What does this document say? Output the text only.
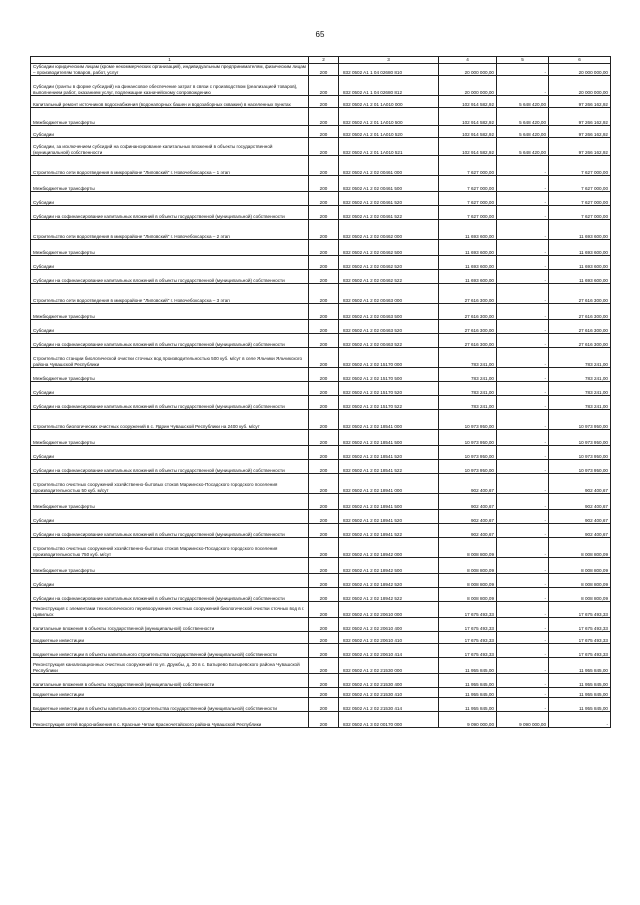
65
1	2	3	4	5	6
Субсидии юридическим лицам (кроме некоммерческих организаций), индивидуальным предпринимателям, физическим лицам – производителям товаров, работ, услуг	200	832 0502 A1 1 04 02680 810	20 000 000,00	-	20 000 000,00
Субсидии (гранты в форме субсидий) на финансовое обеспечение затрат в связи с производством (реализацией товаров), выполнением работ, оказанием услуг, подлежащие казначейскому сопровождению	200	832 0502 A1 1 04 02680 812	20 000 000,00	-	20 000 000,00
Капитальный ремонт источников водоснабжения (водонапорных башен и водозаборных скважин) в населенных пунктах	200	832 0502 A1 2 01 1A010 000	102 914 582,92	5 648 420,00	97 266 162,92
Межбюджетные трансферты	200	832 0502 A1 2 01 1A010 500	102 914 582,92	5 648 420,00	97 266 162,92
Субсидии	200	832 0502 A1 2 01 1A010 520	102 914 582,92	5 648 420,00	97 266 162,92
Субсидии, за исключением субсидий на софинансирование капитальных вложений в объекты государственной (муниципальной) собственности	200	832 0502 A1 2 01 1A010 521	102 914 582,92	5 648 420,00	97 266 162,92
Строительство сети водоотведения в микрорайоне "Липовский" г. Новочебоксарска – 1 этап	200	832 0502 A1 2 02 00461 000	7 627 000,00	-	7 627 000,00
Межбюджетные трансферты	200	832 0502 A1 2 02 00461 500	7 627 000,00	-	7 627 000,00
Субсидии	200	832 0502 A1 2 02 00461 520	7 627 000,00	-	7 627 000,00
Субсидии на софинансирование капитальных вложений в объекты государственной (муниципальной) собственности	200	832 0502 A1 2 02 00461 522	7 627 000,00	-	7 627 000,00
Строительство сети водоотведения в микрорайоне "Липовский" г. Новочебоксарска – 2 этап	200	832 0502 A1 2 02 00462 000	11 693 600,00	-	11 693 600,00
Межбюджетные трансферты	200	832 0502 A1 2 02 00462 500	11 693 600,00	-	11 693 600,00
Субсидии	200	832 0502 A1 2 02 00462 520	11 693 600,00	-	11 693 600,00
Субсидии на софинансирование капитальных вложений в объекты государственной (муниципальной) собственности	200	832 0502 A1 2 02 00462 522	11 693 600,00	-	11 693 600,00
Строительство сети водоотведения в микрорайоне "Липовский" г. Новочебоксарска – 3 этап	200	832 0502 A1 2 02 00463 000	27 616 300,00	-	27 616 300,00
Межбюджетные трансферты	200	832 0502 A1 2 02 00463 500	27 616 300,00	-	27 616 300,00
Субсидии	200	832 0502 A1 2 02 00463 520	27 616 300,00	-	27 616 300,00
Субсидии на софинансирование капитальных вложений в объекты государственной (муниципальной) собственности	200	832 0502 A1 2 02 00463 522	27 616 300,00	-	27 616 300,00
Строительство станции биологической очистки сточных вод производительностью 500 куб. м/сут в селе Яльчики Яльчикского района Чувашской Республики	200	832 0502 A1 2 02 15170 000	783 241,00	-	783 241,00
Межбюджетные трансферты	200	832 0502 A1 2 02 15170 500	783 241,00	-	783 241,00
Субсидии	200	832 0502 A1 2 02 15170 520	783 241,00	-	783 241,00
Субсидии на софинансирование капитальных вложений в объекты государственной (муниципальной) собственности	200	832 0502 A1 2 02 15170 522	783 241,00	-	783 241,00
Строительство биологических очистных сооружений в с. Ядрин Чувашской Республики на 2400 куб. м/сут	200	832 0502 A1 2 02 18541 000	10 973 950,00	-	10 973 950,00
Межбюджетные трансферты	200	832 0502 A1 2 02 18541 500	10 973 950,00	-	10 973 950,00
Субсидии	200	832 0502 A1 2 02 18541 520	10 973 950,00	-	10 973 950,00
Субсидии на софинансирование капитальных вложений в объекты государственной (муниципальной) собственности	200	832 0502 A1 2 02 18541 522	10 973 950,00	-	10 973 950,00
Строительство очистных сооружений хозяйственно-бытовых стоков Мариинско-Посадского городского поселения производительностью 50 куб. м/сут	200	832 0502 A1 2 02 18941 000	902 400,67	-	902 400,67
Межбюджетные трансферты	200	832 0502 A1 2 02 18941 500	902 400,67	-	902 400,67
Субсидии	200	832 0502 A1 2 02 18941 520	902 400,67	-	902 400,67
Субсидии на софинансирование капитальных вложений в объекты государственной (муниципальной) собственности	200	832 0502 A1 2 02 18941 522	902 400,67	-	902 400,67
Строительство очистных сооружений хозяйственно-бытовых стоков Мариинско-Посадского городского поселения производительностью 750 куб. м/сут	200	832 0502 A1 2 02 18942 000	8 008 800,09	-	8 008 800,09
Межбюджетные трансферты	200	832 0502 A1 2 02 18942 500	8 008 800,09	-	8 008 800,09
Субсидии	200	832 0502 A1 2 02 18942 520	8 008 800,09	-	8 008 800,09
Субсидии на софинансирование капитальных вложений в объекты государственной (муниципальной) собственности	200	832 0502 A1 2 02 18942 522	8 008 800,09	-	8 008 800,09
Реконструкция с элементами технологического перевооружения очистных сооружений биологической очистки сточных вод в г. Цивильск	200	832 0502 A1 2 02 20610 000	17 675 493,33	-	17 675 493,33
Капитальные вложения в объекты государственной (муниципальной) собственности	200	832 0502 A1 2 02 20610 400	17 675 493,33	-	17 675 493,33
Бюджетные инвестиции	200	832 0502 A1 2 02 20610 410	17 675 493,33	-	17 675 493,33
Бюджетные инвестиции в объекты капитального строительства государственной (муниципальной) собственности	200	832 0502 A1 2 02 20610 414	17 675 493,33	-	17 675 493,33
Реконструкция канализационных очистных сооружений по ул. Дружбы, д. 30 в с. Батырево Батыревского района Чувашской Республики	200	832 0502 A1 2 02 21530 000	11 955 845,00	-	11 955 845,00
Капитальные вложения в объекты государственной (муниципальной) собственности	200	832 0502 A1 2 02 21530 400	11 955 845,00	-	11 955 845,00
Бюджетные инвестиции	200	832 0502 A1 2 02 21530 410	11 955 845,00	-	11 955 845,00
Бюджетные инвестиции в объекты капитального строительства государственной (муниципальной) собственности	200	832 0502 A1 2 02 21530 414	11 955 845,00	-	11 955 845,00
Реконструкция сетей водоснабжения в с. Красные Четаи Красночетайского района Чувашской Республики	200	832 0502 A1 3 02 00170 000	9 090 000,00	9 090 000,00	-
